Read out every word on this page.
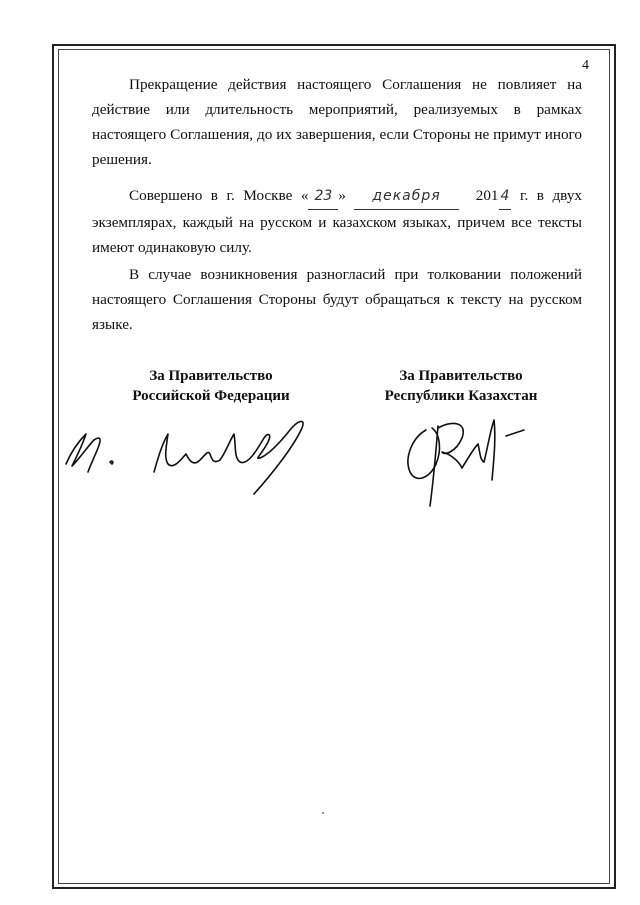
4

Прекращение действия настоящего Соглашения не повлияет на действие или длительность мероприятий, реализуемых в рамках настоящего Соглашения, до их завершения, если Стороны не примут иного решения.

Совершено в г. Москве « 23 » декабря 201 4 г. в двух экземплярах, каждый на русском и казахском языках, причем все тексты имеют одинаковую силу.

В случае возникновения разногласий при толковании положений настоящего Соглашения Стороны будут обращаться к тексту на русском языке.

За Правительство
Российской Федерации
За Правительство
Республики Казахстан
